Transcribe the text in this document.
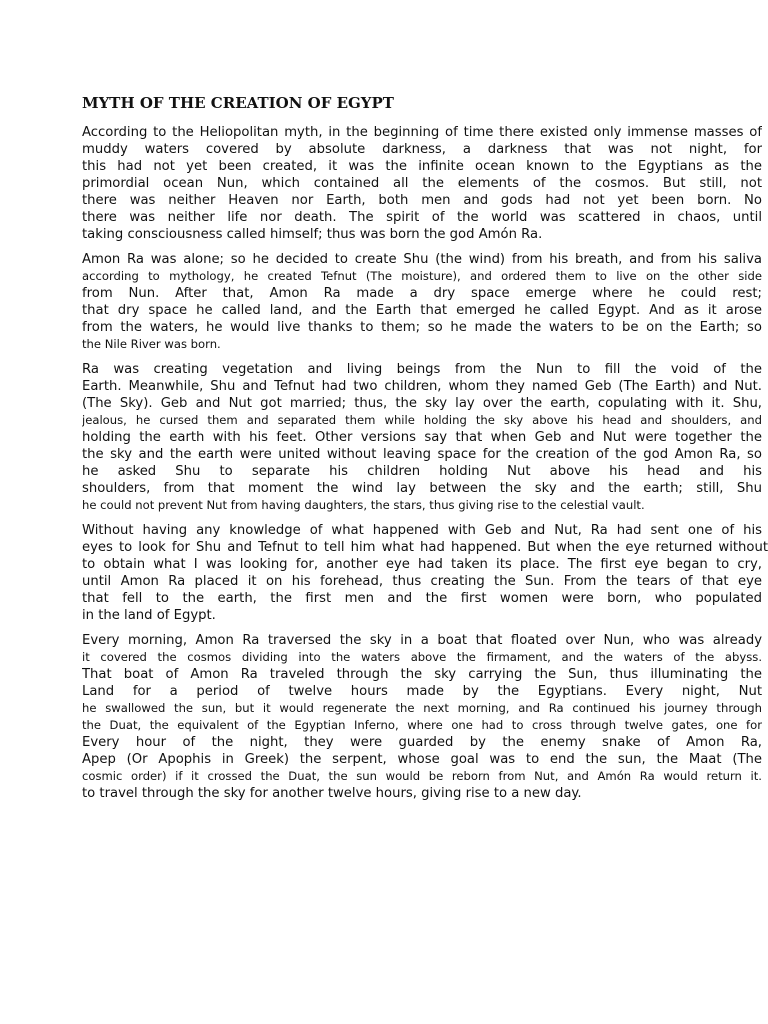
MYTH OF THE CREATION OF EGYPT

According to the Heliopolitan myth, in the beginning of time there existed only immense masses of
muddy waters covered by absolute darkness, a darkness that was not night, for
this had not yet been created, it was the infinite ocean known to the Egyptians as the
primordial ocean Nun, which contained all the elements of the cosmos. But still, not
there was neither Heaven nor Earth, both men and gods had not yet been born. No
there was neither life nor death. The spirit of the world was scattered in chaos, until
taking consciousness called himself; thus was born the god Amón Ra.

Amon Ra was alone; so he decided to create Shu (the wind) from his breath, and from his saliva
according to mythology, he created Tefnut (The moisture), and ordered them to live on the other side
from Nun. After that, Amon Ra made a dry space emerge where he could rest;
that dry space he called land, and the Earth that emerged he called Egypt. And as it arose
from the waters, he would live thanks to them; so he made the waters to be on the Earth; so
the Nile River was born.

Ra was creating vegetation and living beings from the Nun to fill the void of the
Earth. Meanwhile, Shu and Tefnut had two children, whom they named Geb (The Earth) and Nut.
(The Sky). Geb and Nut got married; thus, the sky lay over the earth, copulating with it. Shu,
jealous, he cursed them and separated them while holding the sky above his head and shoulders, and
holding the earth with his feet. Other versions say that when Geb and Nut were together the
the sky and the earth were united without leaving space for the creation of the god Amon Ra, so
he asked Shu to separate his children holding Nut above his head and his
shoulders, from that moment the wind lay between the sky and the earth; still, Shu
he could not prevent Nut from having daughters, the stars, thus giving rise to the celestial vault.

Without having any knowledge of what happened with Geb and Nut, Ra had sent one of his
eyes to look for Shu and Tefnut to tell him what had happened. But when the eye returned without
to obtain what I was looking for, another eye had taken its place. The first eye began to cry,
until Amon Ra placed it on his forehead, thus creating the Sun. From the tears of that eye
that fell to the earth, the first men and the first women were born, who populated
in the land of Egypt.

Every morning, Amon Ra traversed the sky in a boat that floated over Nun, who was already
it covered the cosmos dividing into the waters above the firmament, and the waters of the abyss.
That boat of Amon Ra traveled through the sky carrying the Sun, thus illuminating the
Land for a period of twelve hours made by the Egyptians. Every night, Nut
he swallowed the sun, but it would regenerate the next morning, and Ra continued his journey through
the Duat, the equivalent of the Egyptian Inferno, where one had to cross through twelve gates, one for
Every hour of the night, they were guarded by the enemy snake of Amon Ra,
Apep (Or Apophis in Greek) the serpent, whose goal was to end the sun, the Maat (The
cosmic order) if it crossed the Duat, the sun would be reborn from Nut, and Amón Ra would return it.
to travel through the sky for another twelve hours, giving rise to a new day.
